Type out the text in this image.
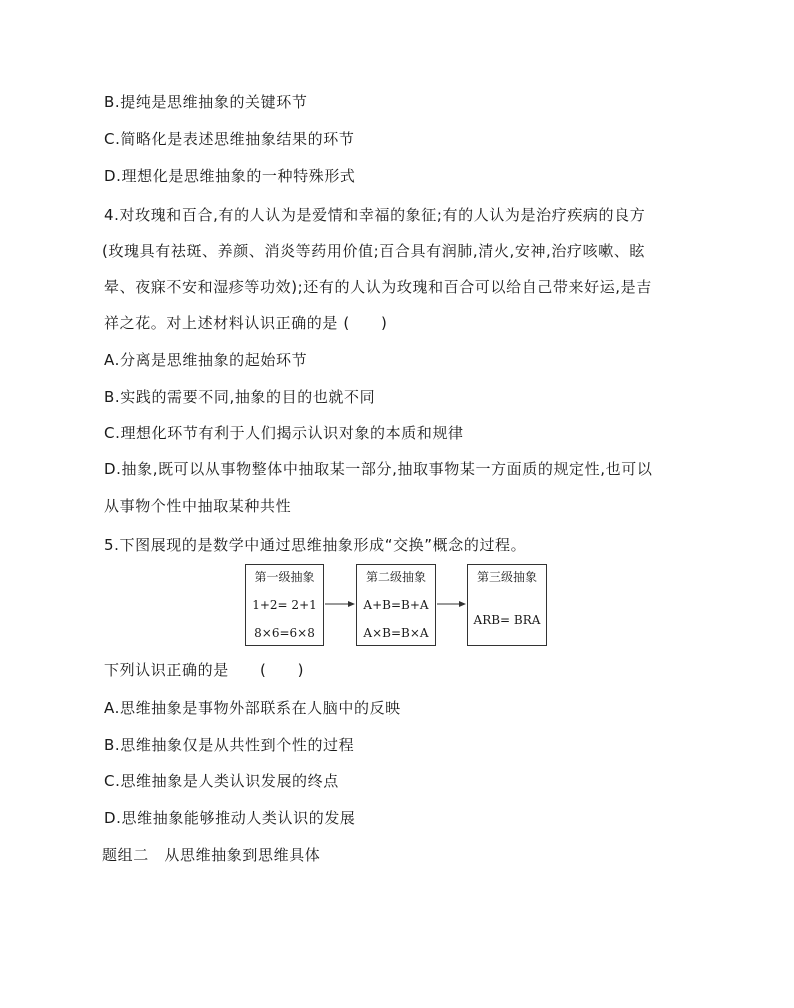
B.提纯是思维抽象的关键环节
C.简略化是表述思维抽象结果的环节
D.理想化是思维抽象的一种特殊形式
4.对玫瑰和百合,有的人认为是爱情和幸福的象征;有的人认为是治疗疾病的良方
(玫瑰具有祛斑、养颜、消炎等药用价值;百合具有润肺,清火,安神,治疗咳嗽、眩
晕、夜寐不安和湿疹等功效);还有的人认为玫瑰和百合可以给自己带来好运,是吉
祥之花。对上述材料认识正确的是 (　　)
A.分离是思维抽象的起始环节
B.实践的需要不同,抽象的目的也就不同
C.理想化环节有利于人们揭示认识对象的本质和规律
D.抽象,既可以从事物整体中抽取某一部分,抽取事物某一方面质的规定性,也可以
从事物个性中抽取某种共性
5.下图展现的是数学中通过思维抽象形成“交换”概念的过程。
第一级抽象
1+2= 2+1
8×6=6×8
第二级抽象
A+B=B+A
A×B=B×A
第三级抽象
ARB= BRA
下列认识正确的是　　(　　)
A.思维抽象是事物外部联系在人脑中的反映
B.思维抽象仅是从共性到个性的过程
C.思维抽象是人类认识发展的终点
D.思维抽象能够推动人类认识的发展
题组二　从思维抽象到思维具体
